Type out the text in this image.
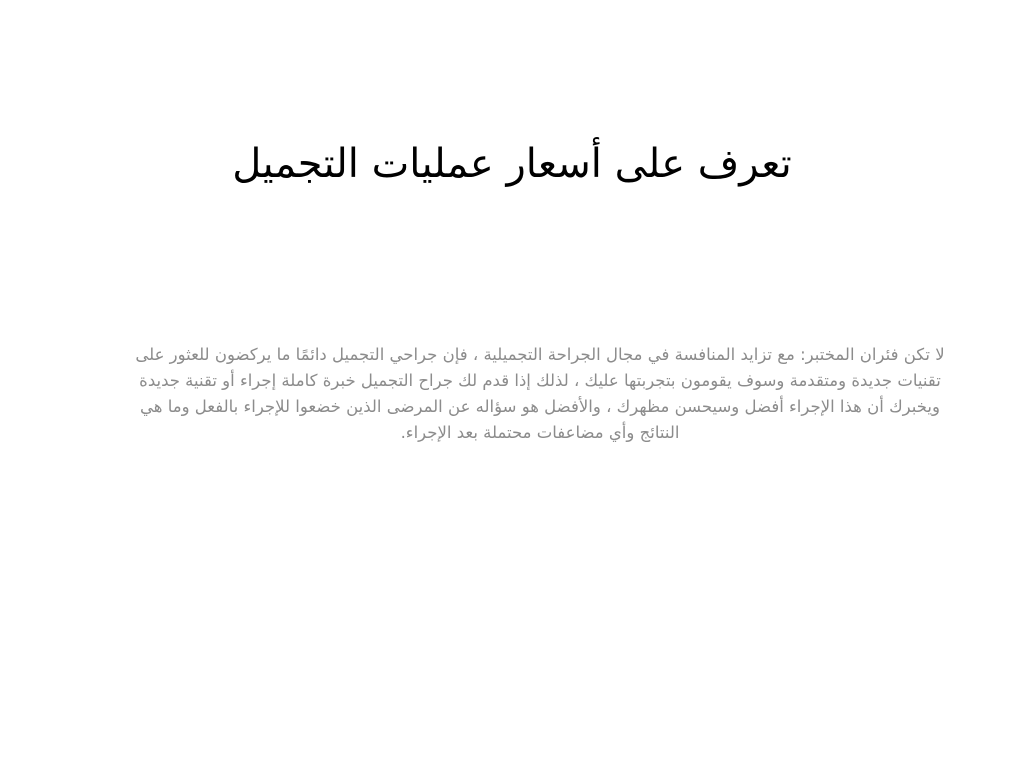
تعرف على أسعار عمليات التجميل

لا تكن فئران المختبر: مع تزايد المنافسة في مجال الجراحة التجميلية ، فإن جراحي التجميل دائمًا ما يركضون للعثور على تقنيات جديدة ومتقدمة وسوف يقومون بتجربتها عليك ، لذلك إذا قدم لك جراح التجميل خبرة كاملة إجراء أو تقنية جديدة ويخبرك أن هذا الإجراء أفضل وسيحسن مظهرك ، والأفضل هو سؤاله عن المرضى الذين خضعوا للإجراء بالفعل وما هي النتائج وأي مضاعفات محتملة بعد الإجراء.
